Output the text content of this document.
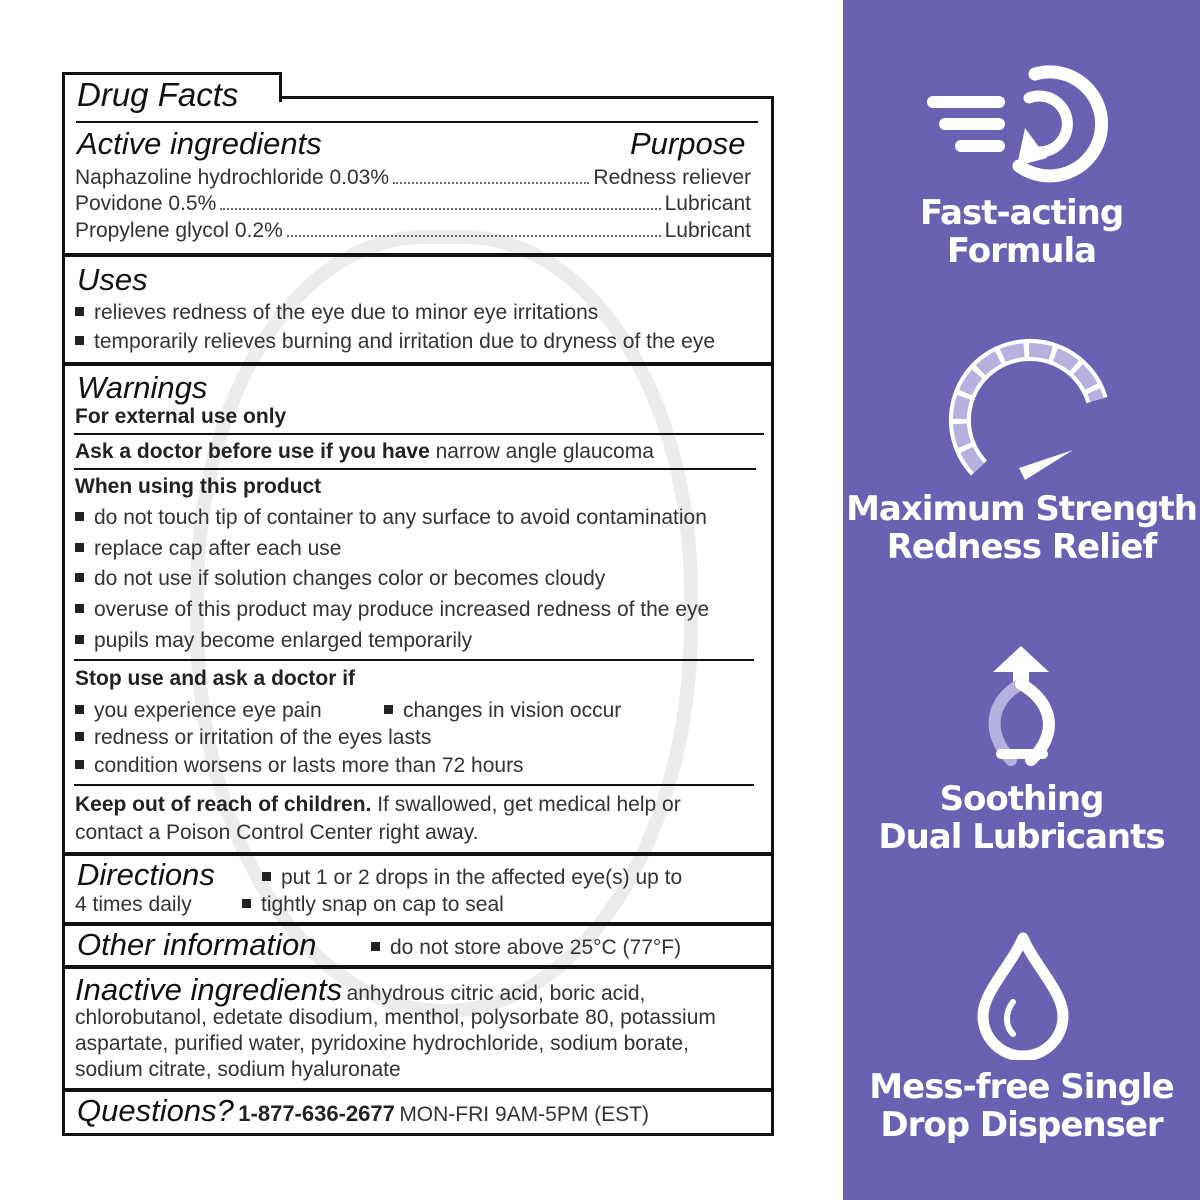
Drug Facts
Active ingredients	Purpose
Naphazoline hydrochloride 0.03%	Redness reliever
Povidone 0.5%	Lubricant
Propylene glycol 0.2%	Lubricant
Uses
relieves redness of the eye due to minor eye irritations
temporarily relieves burning and irritation due to dryness of the eye
Warnings
For external use only
Ask a doctor before use if you have narrow angle glaucoma
When using this product
do not touch tip of container to any surface to avoid contamination
replace cap after each use
do not use if solution changes color or becomes cloudy
overuse of this product may produce increased redness of the eye
pupils may become enlarged temporarily
Stop use and ask a doctor if
you experience eye pain	changes in vision occur
redness or irritation of the eyes lasts
condition worsens or lasts more than 72 hours
Keep out of reach of children. If swallowed, get medical help or
contact a Poison Control Center right away.
Directions	put 1 or 2 drops in the affected eye(s) up to
4 times daily	tightly snap on cap to seal
Other information	do not store above 25°C (77°F)
Inactive ingredients anhydrous citric acid, boric acid,
chlorobutanol, edetate disodium, menthol, polysorbate 80, potassium
aspartate, purified water, pyridoxine hydrochloride, sodium borate,
sodium citrate, sodium hyaluronate
Questions? 1-877-636-2677 MON-FRI 9AM-5PM (EST)
Fast-acting
Formula
Maximum Strength
Redness Relief
Soothing
Dual Lubricants
Mess-free Single
Drop Dispenser
